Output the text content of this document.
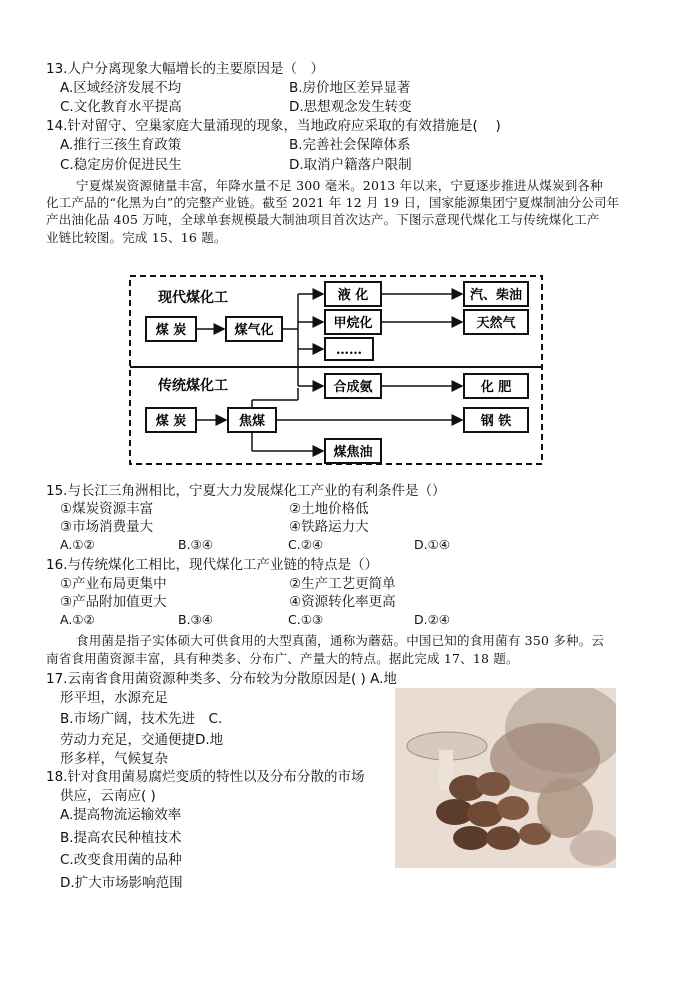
13.人户分离现象大幅增长的主要原因是（　）
A.区域经济发展不均	B.房价地区差异显著
C.文化教育水平提高	D.思想观念发生转变
14.针对留守、空巢家庭大量涌现的现象，当地政府应采取的有效措施是(　 )
A.推行三孩生育政策	B.完善社会保障体系
C.稳定房价促进民生	D.取消户籍落户限制
宁夏煤炭资源储量丰富，年降水量不足 300 毫米。2013 年以来，宁夏逐步推进从煤炭到各种
化工产品的“化黑为白”的完整产业链。截至 2021 年 12 月 19 日，国家能源集团宁夏煤制油分公司年
产出油化品 405 万吨，全球单套规模最大制油项目首次达产。下图示意现代煤化工与传统煤化工产
业链比较图。完成 15、16 题。
现代煤化工
传统煤化工
煤 炭	煤气化
液 化
甲烷化
……
汽、柴油
天然气
合成氨	化 肥
煤 炭	焦煤	钢 铁
煤焦油
15.与长江三角洲相比，宁夏大力发展煤化工产业的有利条件是（）
①煤炭资源丰富	②土地价格低
③市场消费量大	④铁路运力大
A.①②	B.③④	C.②④	D.①④
16.与传统煤化工相比，现代煤化工产业链的特点是（）
①产业布局更集中	②生产工艺更简单
③产品附加值更大	④资源转化率更高
A.①②	B.③④	C.①③	D.②④
食用菌是指子实体硕大可供食用的大型真菌，通称为蘑菇。中国已知的食用菌有 350 多种。云
南省食用菌资源丰富，具有种类多、分布广、产量大的特点。据此完成 17、18 题。
17.云南省食用菌资源种类多、分布较为分散原因是( ) A.地
形平坦，水源充足
B.市场广阔，技术先进　C.
劳动力充足，交通便捷D.地
形多样，气候复杂
18.针对食用菌易腐烂变质的特性以及分布分散的市场
供应，云南应( )
A.提高物流运输效率
B.提高农民种植技术
C.改变食用菌的品种
D.扩大市场影响范围
